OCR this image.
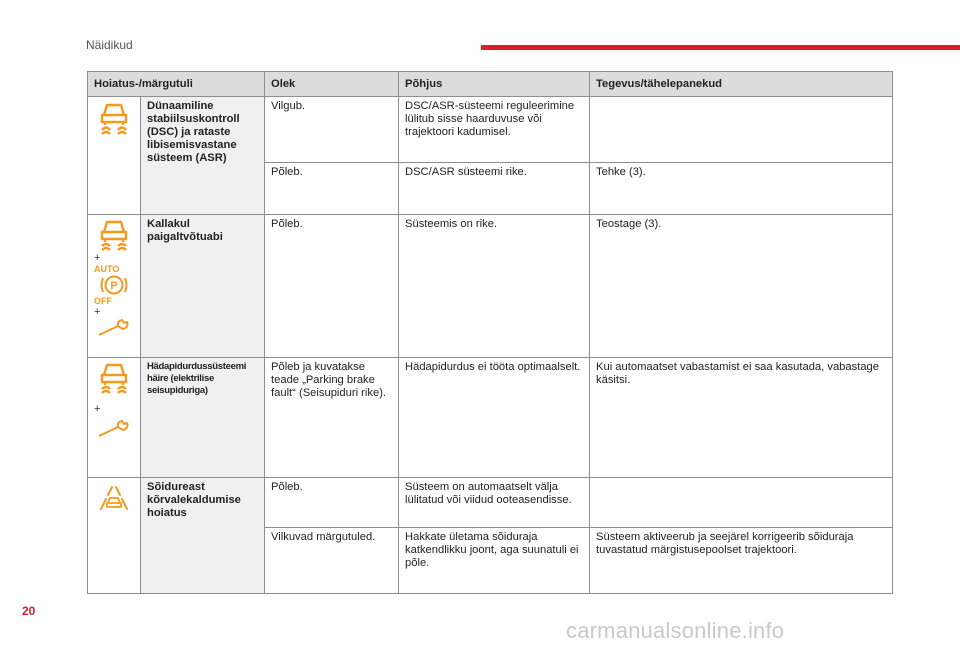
Näidikud
Hoiatus-/märgutuli		Olek	Põhjus	Tegevus/tähelepanekud

	Dünaamiline stabiilsuskontroll (DSC) ja rataste libisemisvastane süsteem (ASR)	Vilgub.	DSC/ASR-süsteemi reguleerimine lülitub sisse haarduvuse või trajektoori kadumisel.	
		Põleb.	DSC/ASR süsteemi rike.	Tehke (3).

+
AUTO
P
OFF
+	Kallakul paigaltvõtuabi	Põleb.	Süsteemis on rike.	Teostage (3).

+	Hädapidurdussüsteemi häire (elektrilise seisupiduriga)	Põleb ja kuvatakse teade „Parking brake fault“ (Seisupiduri rike).	Hädapidurdus ei tööta optimaalselt.	Kui automaatset vabastamist ei saa kasutada, vabastage käsitsi.

	Sõidureast kõrvalekaldumise hoiatus	Põleb.	Süsteem on automaatselt välja lülitatud või viidud ooteasendisse.	
		Vilkuvad märgutuled.	Hakkate ületama sõiduraja katkendlikku joont, aga suunatuli ei põle.	Süsteem aktiveerub ja seejärel korrigeerib sõiduraja tuvastatud märgistusepoolset trajektoori.
20
carmanualsonline.info
